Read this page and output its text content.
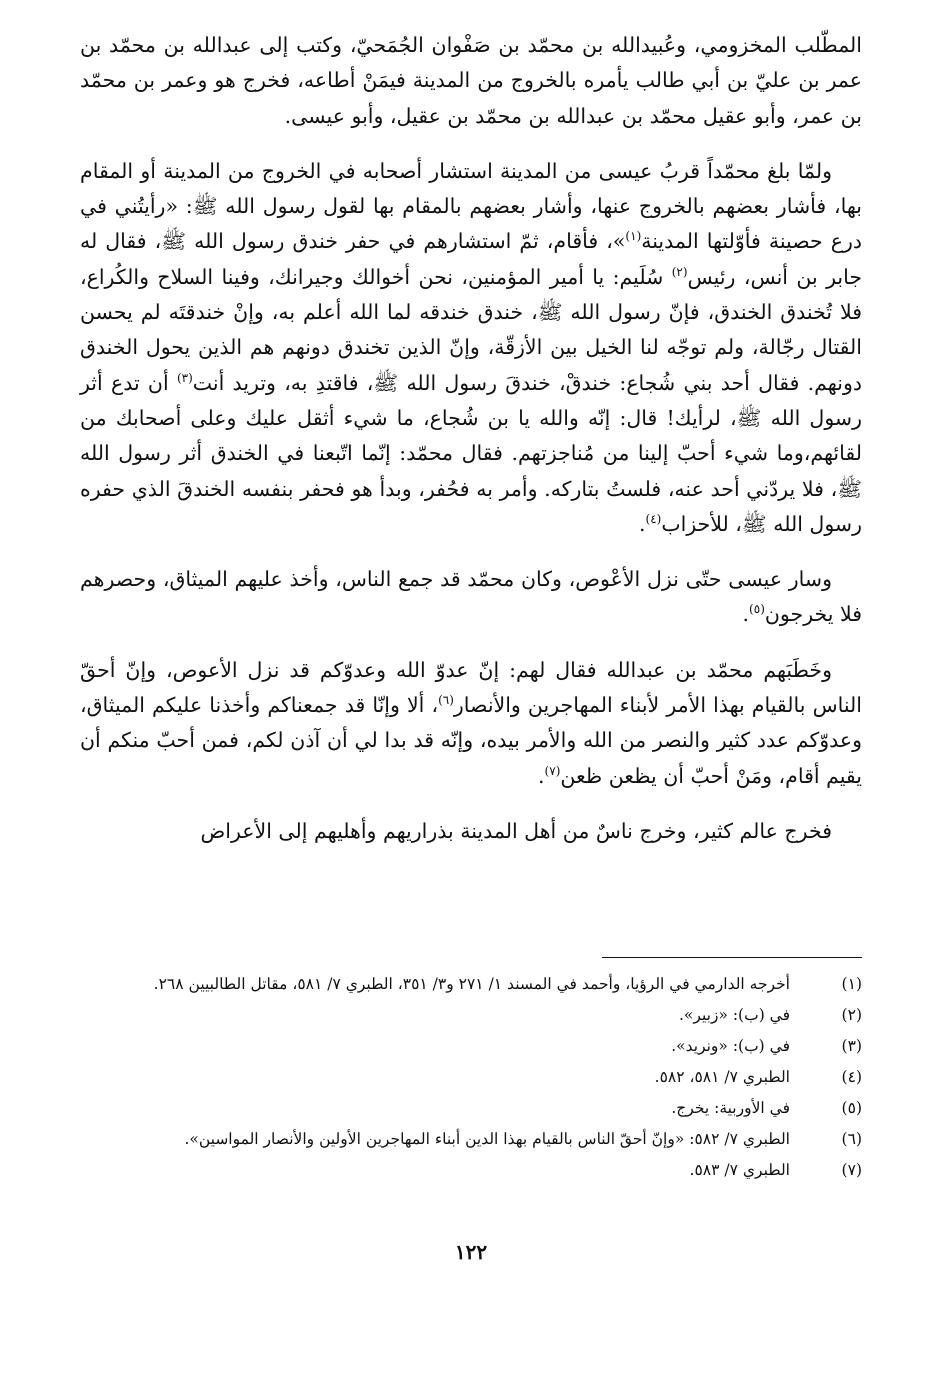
المطّلب المخزومي، وعُبيدالله بن محمّد بن صَفْوان الجُمَحيّ، وكتب إلى عبدالله بن محمّد بن عمر بن عليّ بن أبي طالب يأمره بالخروج من المدينة فيمَنْ أطاعه، فخرج هو وعمر بن محمّد بن عمر، وأبو عقيل محمّد بن عبدالله بن محمّد بن عقيل، وأبو عيسى.

ولمّا بلغ محمّداً قربُ عيسى من المدينة استشار أصحابه في الخروج من المدينة أو المقام بها، فأشار بعضهم بالخروج عنها، وأشار بعضهم بالمقام بها لقول رسول الله ﷺ: «رأيتُني في درع حصينة فأوّلتها المدينة$^{(١)}$»، فأقام، ثمّ استشارهم في حفر خندق رسول الله ﷺ، فقال له جابر بن أنس، رئيس$^{(٢)}$ سُلَيم: يا أمير المؤمنين، نحن أخوالك وجيرانك، وفينا السلاح والكُراع، فلا تُخندق الخندق، فإنّ رسول الله ﷺ، خندق خندقه لما الله أعلم به، وإنْ خندقتَه لم يحسن القتال رجّالة، ولم توجّه لنا الخيل بين الأزقّة، وإنّ الذين تخندق دونهم هم الذين يحول الخندق دونهم. فقال أحد بني شُجاع: خندقْ، خندقَ رسول الله ﷺ، فاقتدِ به، وتريد أنت$^{(٣)}$ أن تدع أثر رسول الله ﷺ، لرأيك! قال: إنّه والله يا بن شُجاع، ما شيء أثقل عليك وعلى أصحابك من لقائهم،وما شيء أحبّ إلينا من مُناجزتهم. فقال محمّد: إنّما اتّبعنا في الخندق أثر رسول الله ﷺ، فلا يردّني أحد عنه، فلستُ بتاركه. وأمر به فحُفر، وبدأ هو فحفر بنفسه الخندقَ الذي حفره رسول الله ﷺ، للأحزاب$^{(٤)}$.

وسار عيسى حتّى نزل الأعْوص، وكان محمّد قد جمع الناس، وأخذ عليهم الميثاق، وحصرهم فلا يخرجون$^{(٥)}$.

وخَطَبَهم محمّد بن عبدالله فقال لهم: إنّ عدوّ الله وعدوّكم قد نزل الأعوص، وإنّ أحقّ الناس بالقيام بهذا الأمر لأبناء المهاجرين والأنصار$^{(٦)}$، ألا وإنّا قد جمعناكم وأخذنا عليكم الميثاق، وعدوّكم عدد كثير والنصر من الله والأمر بيده، وإنّه قد بدا لي أن آذن لكم، فمن أحبّ منكم أن يقيم أقام، ومَنْ أحبّ أن يظعن ظعن$^{(٧)}$.

فخرج عالم كثير، وخرج ناسٌ من أهل المدينة بذراريهم وأهليهم إلى الأعراض

(١)
أخرجه الدارمي في الرؤيا، وأحمد في المسند ١/ ٢٧١ و٣/ ٣٥١، الطبري ٧/ ٥٨١، مقاتل الطالبيين ٢٦٨.
(٢)
في (ب): «زبير».
(٣)
في (ب): «ونريد».
(٤)
الطبري ٧/ ٥٨١، ٥٨٢.
(٥)
في الأوربية: يخرج.
(٦)
الطبري ٧/ ٥٨٢: «وإنّ أحقّ الناس بالقيام بهذا الدين أبناء المهاجرين الأولين والأنصار المواسين».
(٧)
الطبري ٧/ ٥٨٣.
١٢٢
